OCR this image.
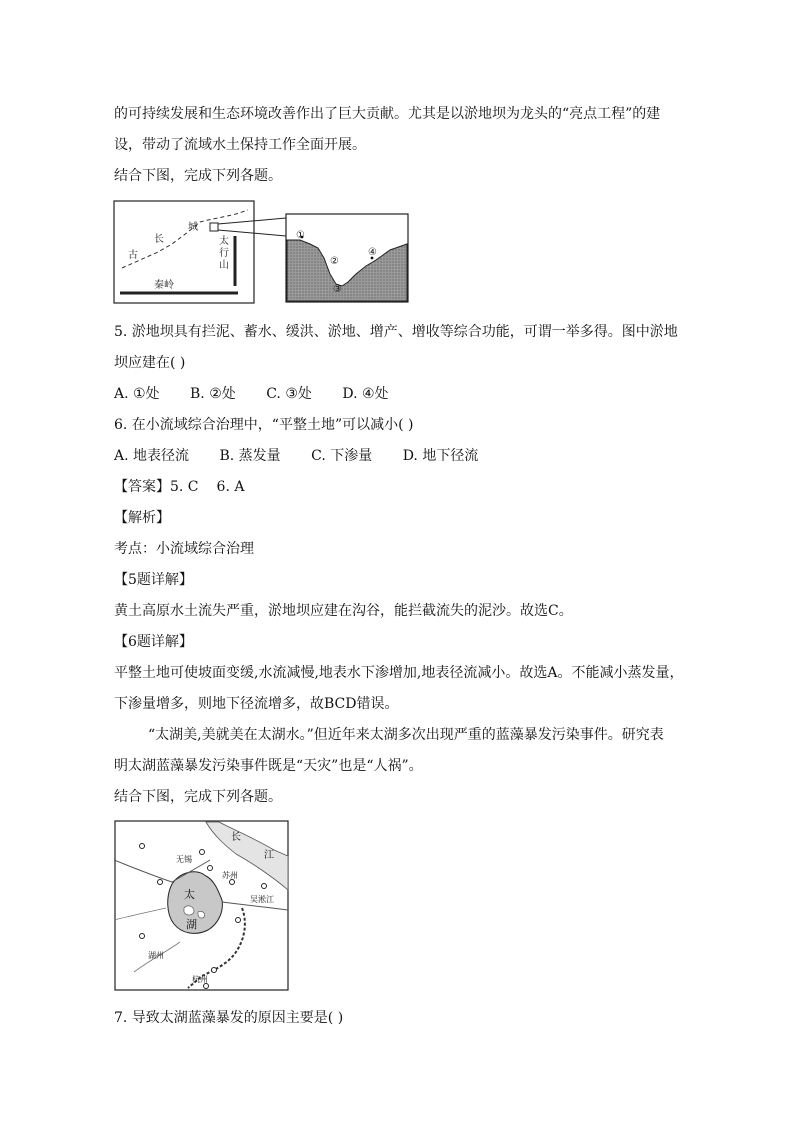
的可持续发展和生态环境改善作出了巨大贡献。尤其是以淤地坝为龙头的“亮点工程”的建
设，带动了流域水土保持工作全面开展。
结合下图，完成下列各题。
古
长
城
太
行
山
秦岭
①
②
③
④
5. 淤地坝具有拦泥、蓄水、缓洪、淤地、增产、增收等综合功能，可谓一举多得。图中淤地
坝应建在( )
A. ①处 B. ②处 C. ③处 D. ④处
6. 在小流域综合治理中，“平整土地”可以减小( )
A. 地表径流 B. 蒸发量 C. 下渗量 D. 地下径流
【答案】5. C 6. A
【解析】
考点：小流域综合治理
【5题详解】
黄土高原水土流失严重，淤地坝应建在沟谷，能拦截流失的泥沙。故选C。
【6题详解】
平整土地可使坡面变缓,水流减慢,地表水下渗增加,地表径流减小。故选A。不能减小蒸发量，
下渗量增多，则地下径流增多，故BCD错误。
“太湖美,美就美在太湖水。”但近年来太湖多次出现严重的蓝藻暴发污染事件。研究表
明太湖蓝藻暴发污染事件既是“天灾”也是“人祸”。
结合下图，完成下列各题。
长
江
无锡
苏州
太
湖
吴淞江
湖州
杭州
7. 导致太湖蓝藻暴发的原因主要是( )
